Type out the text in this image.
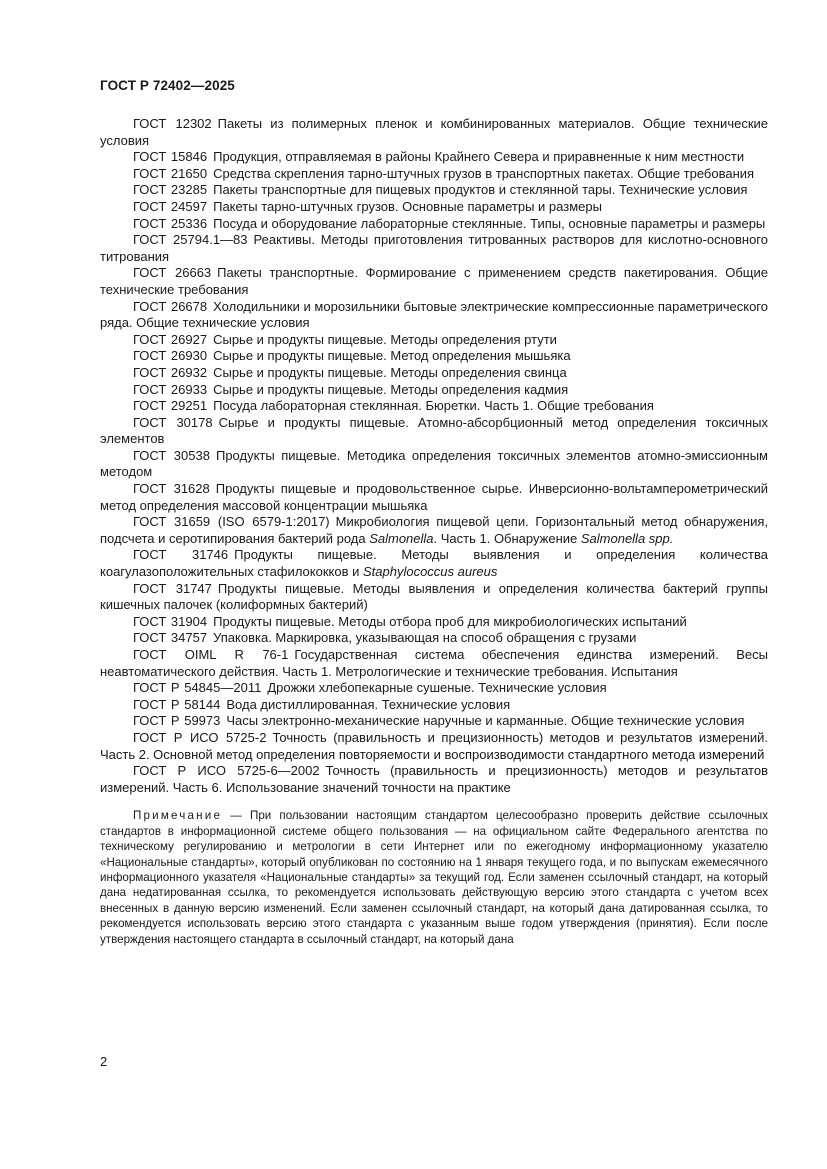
ГОСТ Р 72402—2025

ГОСТ 12302 Пакеты из полимерных пленок и комбинированных материалов. Общие технические условия

ГОСТ 15846 Продукция, отправляемая в районы Крайнего Севера и приравненные к ним местности

ГОСТ 21650 Средства скрепления тарно-штучных грузов в транспортных пакетах. Общие требования

ГОСТ 23285 Пакеты транспортные для пищевых продуктов и стеклянной тары. Технические условия

ГОСТ 24597 Пакеты тарно-штучных грузов. Основные параметры и размеры

ГОСТ 25336 Посуда и оборудование лабораторные стеклянные. Типы, основные параметры и размеры

ГОСТ 25794.1—83 Реактивы. Методы приготовления титрованных растворов для кислотно-основного титрования

ГОСТ 26663 Пакеты транспортные. Формирование с применением средств пакетирования. Общие технические требования

ГОСТ 26678 Холодильники и морозильники бытовые электрические компрессионные параметрического ряда. Общие технические условия

ГОСТ 26927 Сырье и продукты пищевые. Методы определения ртути

ГОСТ 26930 Сырье и продукты пищевые. Метод определения мышьяка

ГОСТ 26932 Сырье и продукты пищевые. Методы определения свинца

ГОСТ 26933 Сырье и продукты пищевые. Методы определения кадмия

ГОСТ 29251 Посуда лабораторная стеклянная. Бюретки. Часть 1. Общие требования

ГОСТ 30178 Сырье и продукты пищевые. Атомно-абсорбционный метод определения токсичных элементов

ГОСТ 30538 Продукты пищевые. Методика определения токсичных элементов атомно-эмиссионным методом

ГОСТ 31628 Продукты пищевые и продовольственное сырье. Инверсионно-вольтамперометрический метод определения массовой концентрации мышьяка

ГОСТ 31659 (ISO 6579-1:2017) Микробиология пищевой цепи. Горизонтальный метод обнаружения, подсчета и серотипирования бактерий рода Salmonella. Часть 1. Обнаружение Salmonella spp.

ГОСТ 31746 Продукты пищевые. Методы выявления и определения количества коагулазоположительных стафилококков и Staphylococcus aureus

ГОСТ 31747 Продукты пищевые. Методы выявления и определения количества бактерий группы кишечных палочек (колиформных бактерий)

ГОСТ 31904 Продукты пищевые. Методы отбора проб для микробиологических испытаний

ГОСТ 34757 Упаковка. Маркировка, указывающая на способ обращения с грузами

ГОСТ OIML R 76-1 Государственная система обеспечения единства измерений. Весы неавтоматического действия. Часть 1. Метрологические и технические требования. Испытания

ГОСТ Р 54845—2011 Дрожжи хлебопекарные сушеные. Технические условия

ГОСТ Р 58144 Вода дистиллированная. Технические условия

ГОСТ Р 59973 Часы электронно-механические наручные и карманные. Общие технические условия

ГОСТ Р ИСО 5725-2 Точность (правильность и прецизионность) методов и результатов измерений. Часть 2. Основной метод определения повторяемости и воспроизводимости стандартного метода измерений

ГОСТ Р ИСО 5725-6—2002 Точность (правильность и прецизионность) методов и результатов измерений. Часть 6. Использование значений точности на практике

Примечание — При пользовании настоящим стандартом целесообразно проверить действие ссылочных стандартов в информационной системе общего пользования — на официальном сайте Федерального агентства по техническому регулированию и метрологии в сети Интернет или по ежегодному информационному указателю «Национальные стандарты», который опубликован по состоянию на 1 января текущего года, и по выпускам ежемесячного информационного указателя «Национальные стандарты» за текущий год. Если заменен ссылочный стандарт, на который дана недатированная ссылка, то рекомендуется использовать действующую версию этого стандарта с учетом всех внесенных в данную версию изменений. Если заменен ссылочный стандарт, на который дана датированная ссылка, то рекомендуется использовать версию этого стандарта с указанным выше годом утверждения (принятия). Если после утверждения настоящего стандарта в ссылочный стандарт, на который дана

2
